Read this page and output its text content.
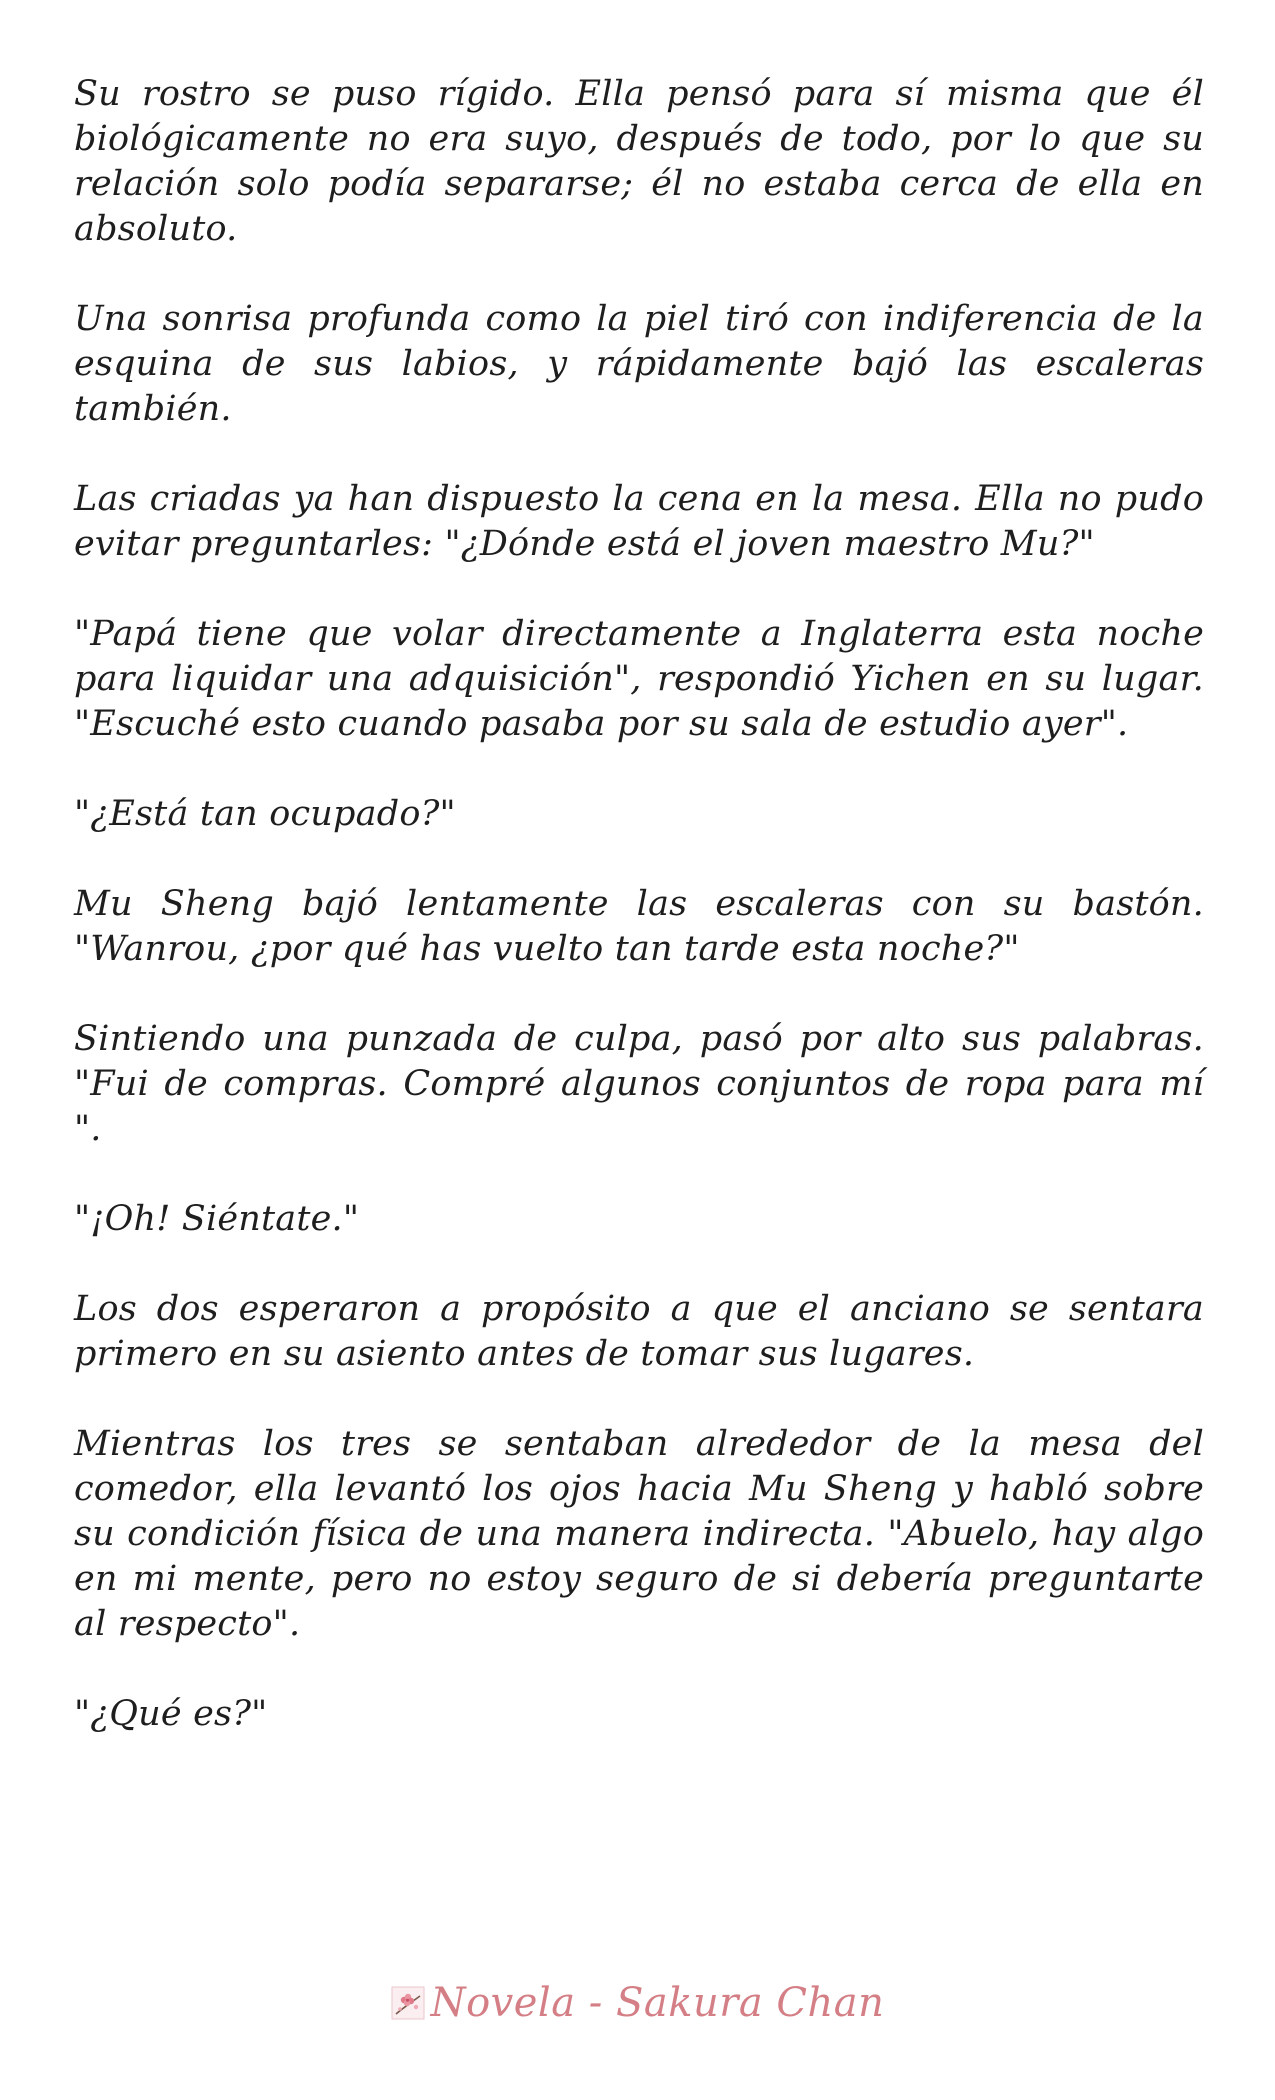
Su rostro se puso rígido. Ella pensó para sí misma que él biológicamente no era suyo, después de todo, por lo que su relación solo podía separarse; él no estaba cerca de ella en absoluto.

Una sonrisa profunda como la piel tiró con indiferencia de la esquina de sus labios, y rápidamente bajó las escaleras también.

Las criadas ya han dispuesto la cena en la mesa. Ella no pudo evitar preguntarles: "¿Dónde está el joven maestro Mu?"

"Papá tiene que volar directamente a Inglaterra esta noche para liquidar una adquisición", respondió Yichen en su lugar. "Escuché esto cuando pasaba por su sala de estudio ayer".

"¿Está tan ocupado?"

Mu Sheng bajó lentamente las escaleras con su bastón. "Wanrou, ¿por qué has vuelto tan tarde esta noche?"

Sintiendo una punzada de culpa, pasó por alto sus palabras. "Fui de compras. Compré algunos conjuntos de ropa para mí ".

"¡Oh! Siéntate."

Los dos esperaron a propósito a que el anciano se sentara primero en su asiento antes de tomar sus lugares.

Mientras los tres se sentaban alrededor de la mesa del comedor, ella levantó los ojos hacia Mu Sheng y habló sobre su condición física de una manera indirecta. "Abuelo, hay algo en mi mente, pero no estoy seguro de si debería preguntarte al respecto".

"¿Qué es?"

Novela - Sakura Chan
